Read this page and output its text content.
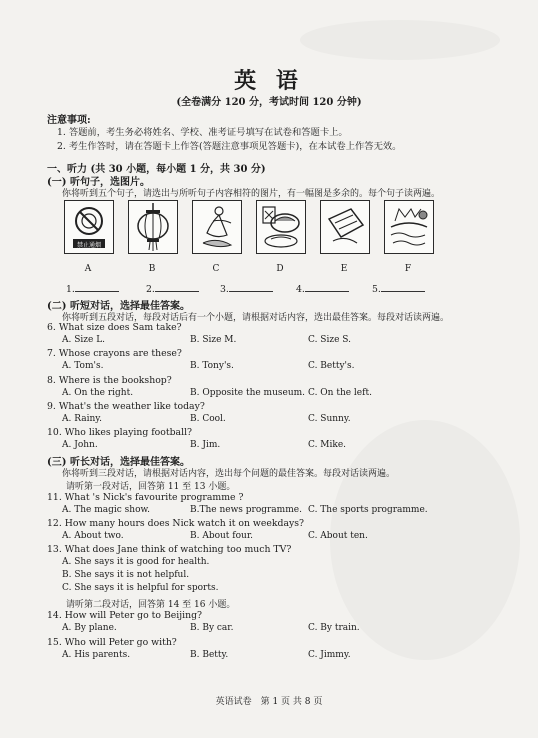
英 语
(全卷满分 120 分，考试时间 120 分钟)
注意事项:
1. 答题前，考生务必将姓名、学校、准考证号填写在试卷和答题卡上。
2. 考生作答时，请在答题卡上作答(答题注意事项见答题卡)，在本试卷上作答无效。
一、听力 (共 30 小题，每小题 1 分，共 30 分)
(一) 听句子，选图片。
你将听到五个句子，请选出与所听句子内容相符的图片，有一幅图是多余的。每个句子读两遍。
禁止通烟
A	B	C	D	E	F
1.	2.	3.	4.	5.
(二) 听短对话，选择最佳答案。
你将听到五段对话，每段对话后有一个小题，请根据对话内容，选出最佳答案。每段对话读两遍。
6. What size does Sam take?
A. Size L.	B. Size M.	C. Size S.
7. Whose crayons are these?
A. Tom's.	B. Tony's.	C. Betty's.
8. Where is the bookshop?
A. On the right.	B. Opposite the museum. C. On the left.
9. What's the weather like today?
A. Rainy.	B. Cool.	C. Sunny.
10. Who likes playing football?
A. John.	B. Jim.	C. Mike.
(三) 听长对话，选择最佳答案。
你将听到三段对话，请根据对话内容，选出每个问题的最佳答案。每段对话读两遍。
请听第一段对话，回答第 11 至 13 小题。
11. What 's Nick's favourite programme ?
A. The magic show.	B.The news programme. C. The sports programme.
12. How many hours does Nick watch it on weekdays?
A. About two.	B. About four.	C. About ten.
13. What does Jane think of watching too much TV?
A. She says it is good for health.
B. She says it is not helpful.
C. She says it is helpful for sports.
请听第二段对话，回答第 14 至 16 小题。
14. How will Peter go to Beijing?
A. By plane.	B. By car.	C. By train.
15. Who will Peter go with?
A. His parents.	B. Betty.	C. Jimmy.
英语试卷　第 1 页 共 8 页
